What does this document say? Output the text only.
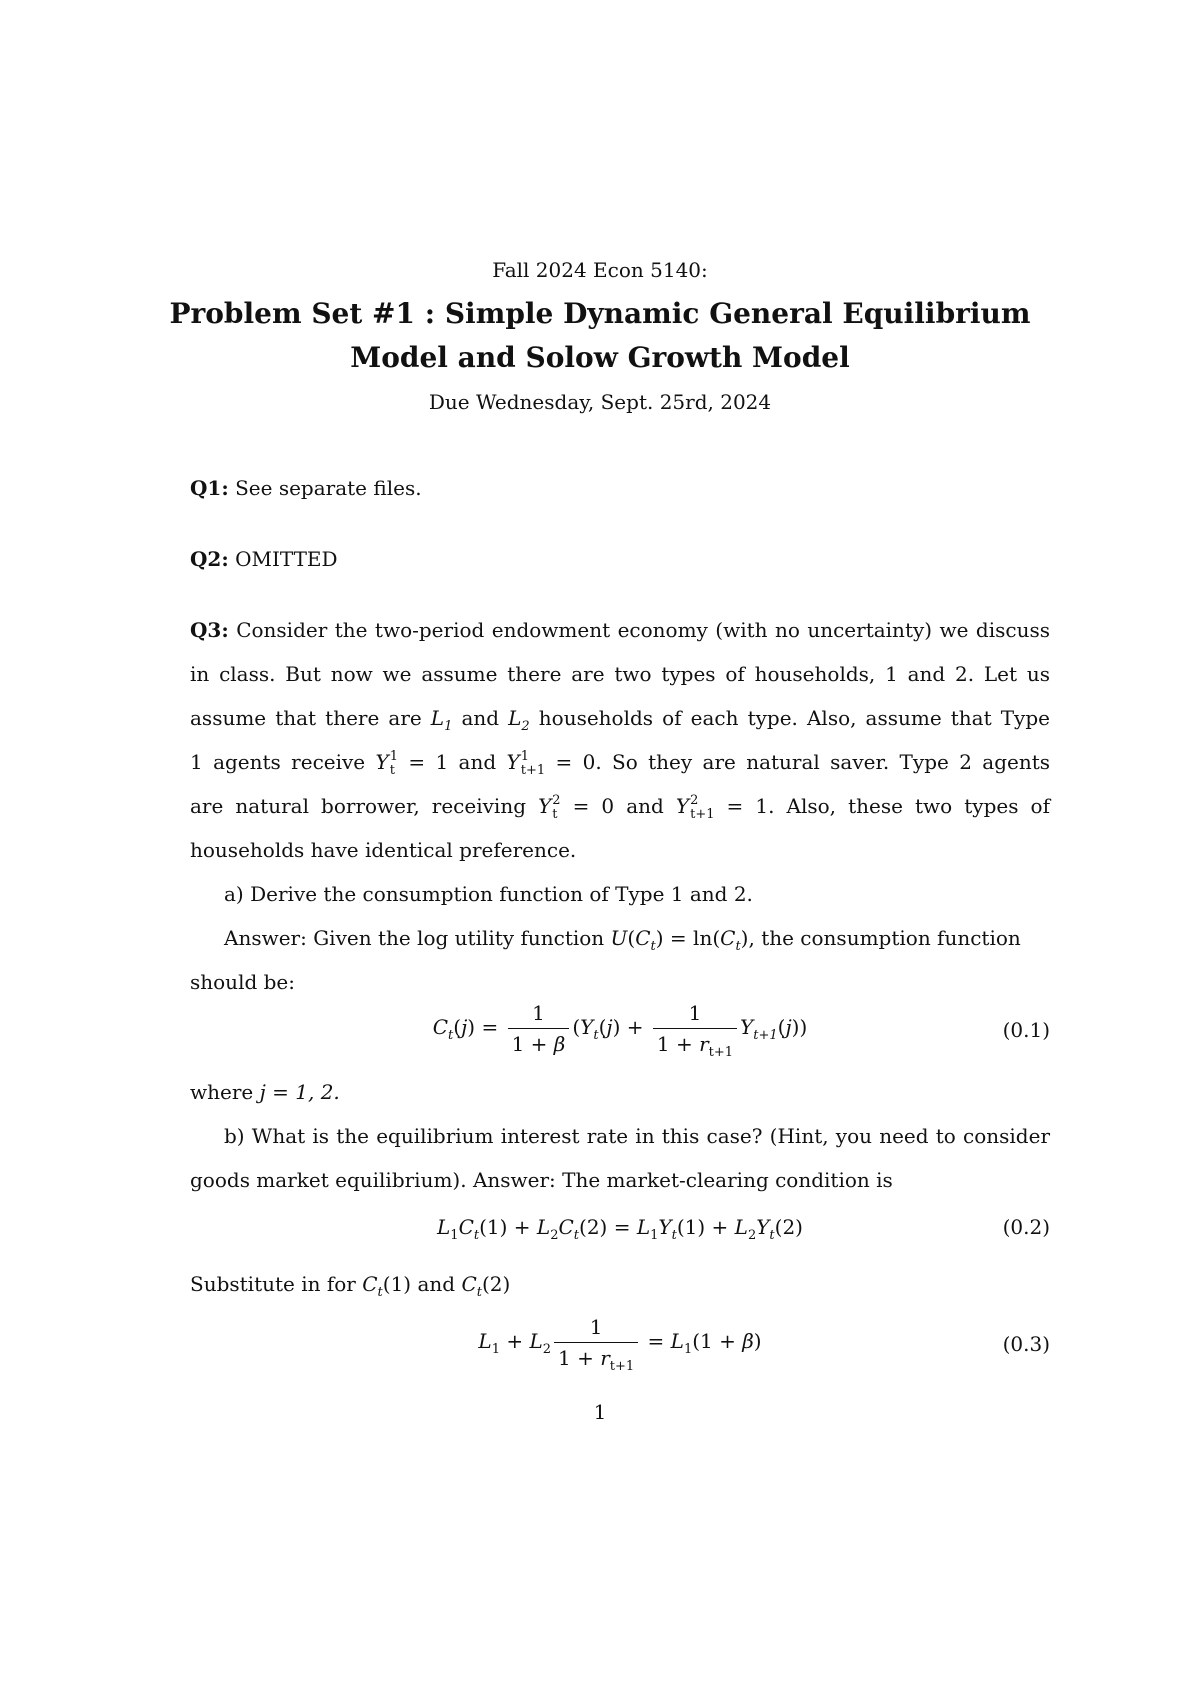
Fall 2024 Econ 5140:
Problem Set #1 : Simple Dynamic General Equilibrium
Model and Solow Growth Model
Due Wednesday, Sept. 25rd, 2024
Q1: See separate files.
Q2: OMITTED
Q3: Consider the two-period endowment economy (with no uncertainty) we discuss
in class. But now we assume there are two types of households, 1 and 2. Let us
assume that there are $L_1$ and $L_2$ households of each type. Also, assume that Type
1 agents receive Y 1
t = 1 and Y 1
t+1 = 0. So they are natural saver. Type 2 agents
are natural borrower, receiving Y 2
t = 0 and Y 2
t+1 = 1. Also, these two types of
households have identical preference.
a) Derive the consumption function of Type 1 and 2.
Answer: Given the log utility function $U(C_t) = \ln(C_t)$, the consumption function
should be:
$C_t(j) = \frac{1}{1 + \beta} (Y_t(j) + \frac{1}{1 + r_{t+1}} Y_{t+1}(j))$	(0.1)
where j = 1, 2.
b) What is the equilibrium interest rate in this case? (Hint, you need to consider
goods market equilibrium). Answer: The market-clearing condition is
$L_1C_t(1) + L_2C_t(2) = L_1Y_t(1) + L_2Y_t(2)$	(0.2)
Substitute in for $C_t(1)$ and $C_t(2)$
$L_1 + L_2 \frac{1}{1 + r_{t+1}} = L_1(1 + \beta)$	(0.3)
1
